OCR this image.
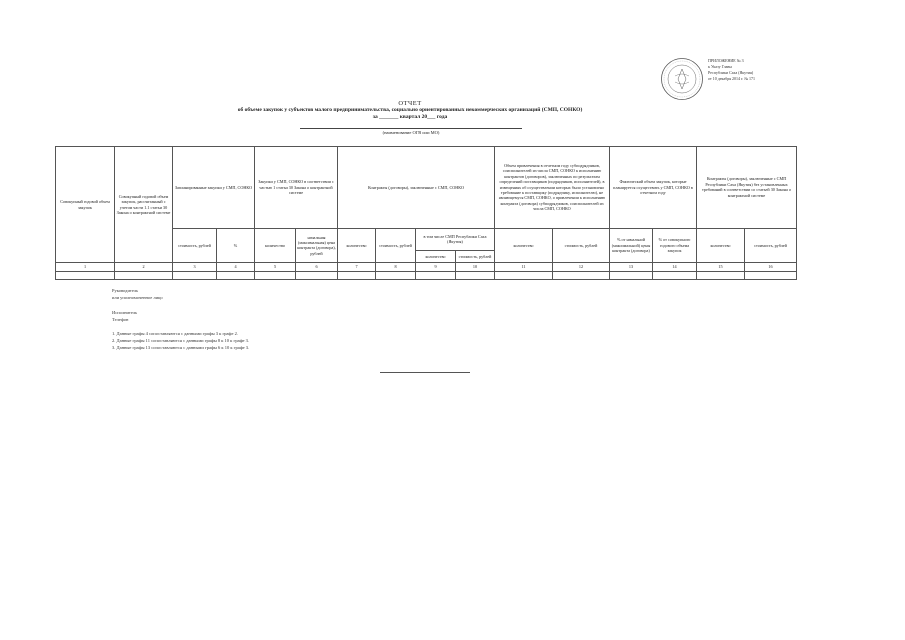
ПРИЛОЖЕНИЕ № 3
к Указу Главы
Республики Саха (Якутия)
от 10 декабря 2014 г. № 171
ОТЧЕТ
об объеме закупок у субъектов малого предпринимательства, социально ориентированных некоммерческих организаций (СМП, СОНКО)
за _______ квартал 20___ года
(наименование ОГВ или МО)
Совокупный годовой объем закупок	Совокупный годовой объем закупок, рассчитанный с учетом части 1.1 статьи 30 Закона о контрактной системе	Запланированные закупки у СМП, СОНКО		Закупки у СМП, СОНКО в соответствии с частью 1 статьи 30 Закона о контрактной системе		Контракты (договоры), заключенные с СМП, СОНКО				Объем привлечения в отчетном году субподрядчиков, соисполнителей из числа СМП, СОНКО к исполнению контрактов (договоров), заключенных по результатам определений поставщиков (подрядчиков, исполнителей), в извещениях об осуществлении которых было установлено требование к поставщику (подрядчику, исполнителю), не являющемуся СМП, СОНКО, о привлечении к исполнению контракта (договора) субподрядчиков, соисполнителей из числа СМП, СОНКО		Фактический объем закупок, которые планируется осуществить у СМП, СОНКО в отчетном году		Контракты (договоры), заключенные с СМП Республики Саха (Якутия) без установленных требований в соответствии со статьей 30 Закона о контрактной системе	
		стоимость, рублей	%	количество	начальная (максимальная) цена контракта (договора), рублей	количество	стоимость, рублей	в том числе СМП Республики Саха (Якутия)		количество	стоимость, рублей	% от начальной (максимальной) цены контракта (договора)	% от совокупного годового объема закупок	количество	стоимость, рублей
								количество	стоимость, рублей						
1	2	3	4	5	6	7	8	9	10	11	12	13	14	15	16

Руководитель

или уполномоченное лицо

Исполнитель

Телефон

1. Данные графы 4 сопоставляются с данными графы 3 к графе 2.

2. Данные графы 11 сопоставляются с данными графы 8 к 10 к графе 3.

3. Данные графы 13 сопоставляются с данными графы 6 к 10 к графе 3.
